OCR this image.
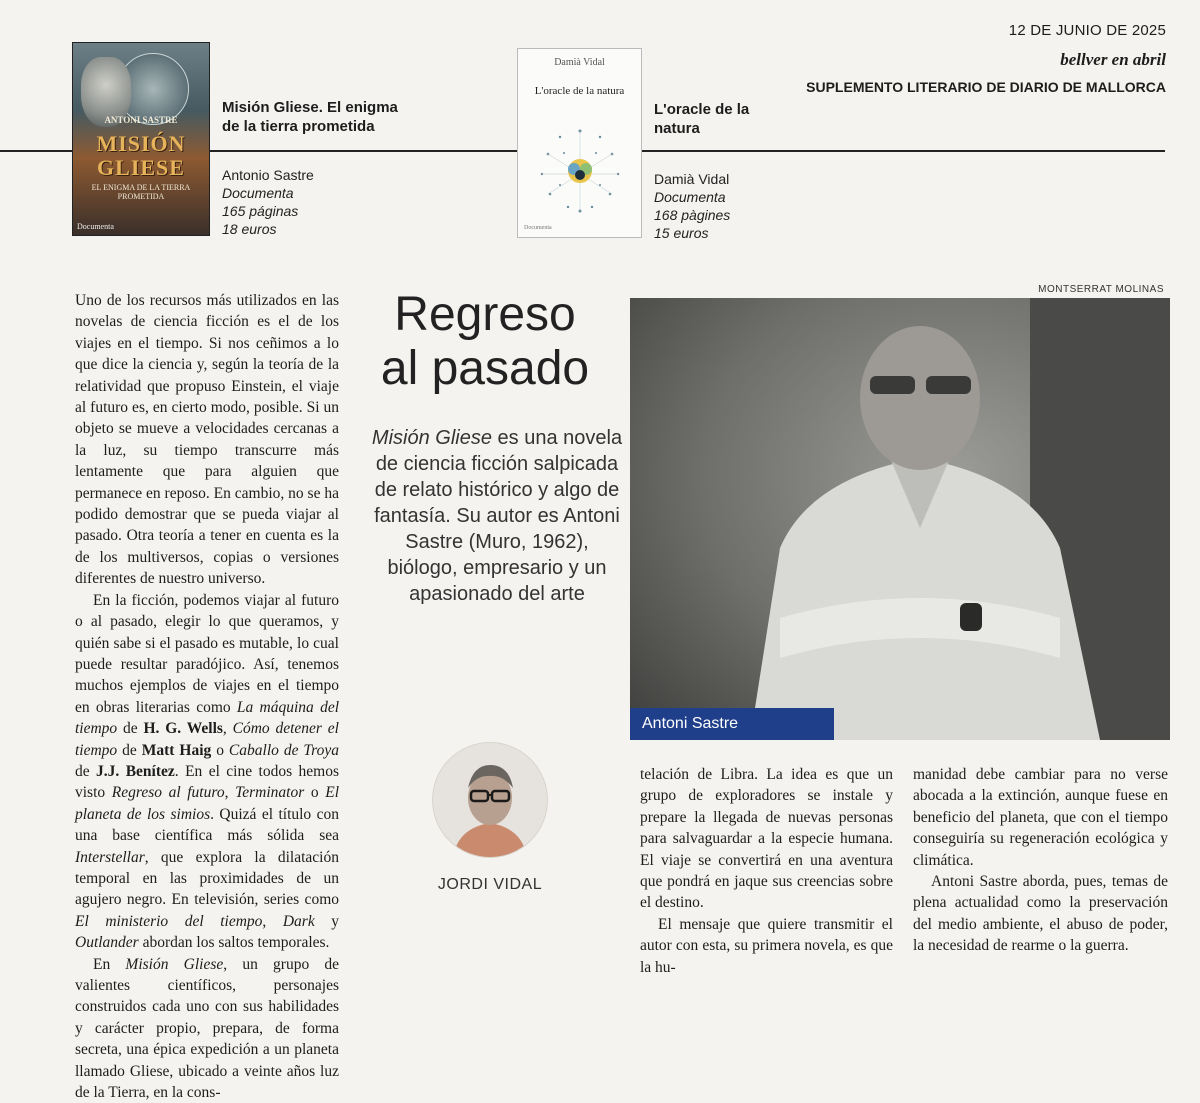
12 DE JUNIO DE 2025
bellver en abril
SUPLEMENTO LITERARIO DE DIARIO DE MALLORCA
ANTONI SASTRE
MISIÓN
GLIESE
EL ENIGMA DE LA TIERRA PROMETIDA
Documenta
Misión Gliese. El enigma de la tierra prometida
Antonio Sastre
Documenta
165 páginas
18 euros
Damià Vidal
L'oracle de la natura
Documenta
L'oracle de la natura
Damià Vidal
Documenta
168 pàgines
15 euros

Uno de los recursos más utilizados en las novelas de ciencia ficción es el de los viajes en el tiempo. Si nos ceñimos a lo que dice la ciencia y, según la teoría de la relatividad que propuso Einstein, el viaje al futuro es, en cierto modo, posible. Si un objeto se mueve a velocidades cercanas a la luz, su tiempo transcurre más lentamente que para alguien que permanece en reposo. En cambio, no se ha podido demostrar que se pueda viajar al pasado. Otra teoría a tener en cuenta es la de los multiversos, copias o versiones diferentes de nuestro universo.

En la ficción, podemos viajar al futuro o al pasado, elegir lo que queramos, y quién sabe si el pasado es mutable, lo cual puede resultar paradójico. Así, tenemos muchos ejemplos de viajes en el tiempo en obras literarias como La máquina del tiempo de H. G. Wells, Cómo detener el tiempo de Matt Haig o Caballo de Troya de J.J. Benítez. En el cine todos hemos visto Regreso al futuro, Terminator o El planeta de los simios. Quizá el título con una base científica más sólida sea Interstellar, que explora la dilatación temporal en las proximidades de un agujero negro. En televisión, series como El ministerio del tiempo, Dark y Outlander abordan los saltos temporales.

En Misión Gliese, un grupo de valientes científicos, personajes construidos cada uno con sus habilidades y carácter propio, prepara, de forma secreta, una épica expedición a un planeta llamado Gliese, ubicado a veinte años luz de la Tierra, en la cons-

Regreso
al pasado
Misión Gliese es una novela de ciencia ficción salpicada de relato histórico y algo de fantasía. Su autor es Antoni Sastre (Muro, 1962), biólogo, empresario y un apasionado del arte
MONTSERRAT MOLINAS
Antoni Sastre
JORDI VIDAL

telación de Libra. La idea es que un grupo de exploradores se instale y prepare la llegada de nuevas personas para salvaguardar a la especie humana. El viaje se convertirá en una aventura que pondrá en jaque sus creencias sobre el destino.

El mensaje que quiere transmitir el autor con esta, su primera novela, es que la hu-

manidad debe cambiar para no verse abocada a la extinción, aunque fuese en beneficio del planeta, que con el tiempo conseguiría su regeneración ecológica y climática.

Antoni Sastre aborda, pues, temas de plena actualidad como la preservación del medio ambiente, el abuso de poder, la necesidad de rearme o la guerra.
